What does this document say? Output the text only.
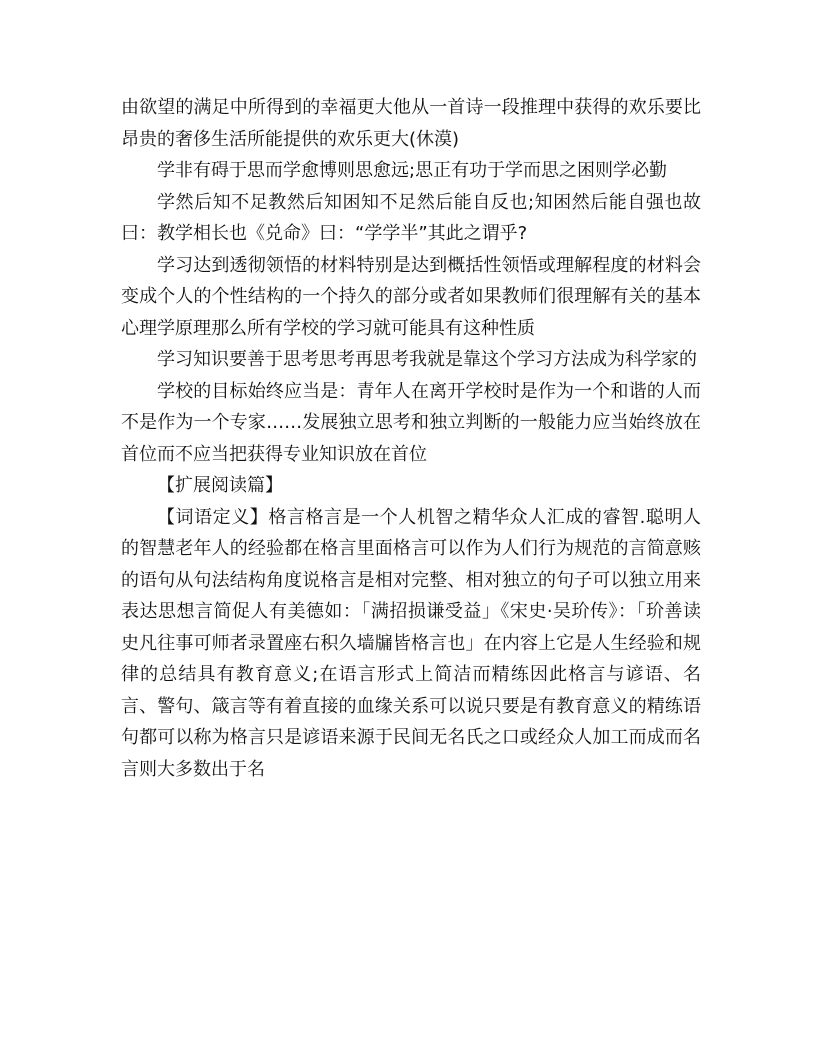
由欲望的满足中所得到的幸福更大他从一首诗一段推理中获得的欢乐要比昂贵的奢侈生活所能提供的欢乐更大(休漠)

学非有碍于思而学愈博则思愈远;思正有功于学而思之困则学必勤

学然后知不足教然后知困知不足然后能自反也;知困然后能自强也故曰：教学相长也《兑命》曰：“学学半”其此之谓乎?

学习达到透彻领悟的材料特别是达到概括性领悟或理解程度的材料会变成个人的个性结构的一个持久的部分或者如果教师们很理解有关的基本心理学原理那么所有学校的学习就可能具有这种性质

学习知识要善于思考思考再思考我就是靠这个学习方法成为科学家的

学校的目标始终应当是：青年人在离开学校时是作为一个和谐的人而不是作为一个专家……发展独立思考和独立判断的一般能力应当始终放在首位而不应当把获得专业知识放在首位

【扩展阅读篇】

【词语定义】格言格言是一个人机智之精华众人汇成的睿智.聪明人的智慧老年人的经验都在格言里面格言可以作为人们行为规范的言简意赅的语句从句法结构角度说格言是相对完整、相对独立的句子可以独立用来表达思想言简促人有美德如：「满招损谦受益」《宋史·吴玠传》：「玠善读史凡往事可师者录置座右积久墙牖皆格言也」在内容上它是人生经验和规律的总结具有教育意义;在语言形式上简洁而精练因此格言与谚语、名言、警句、箴言等有着直接的血缘关系可以说只要是有教育意义的精练语句都可以称为格言只是谚语来源于民间无名氏之口或经众人加工而成而名言则大多数出于名
